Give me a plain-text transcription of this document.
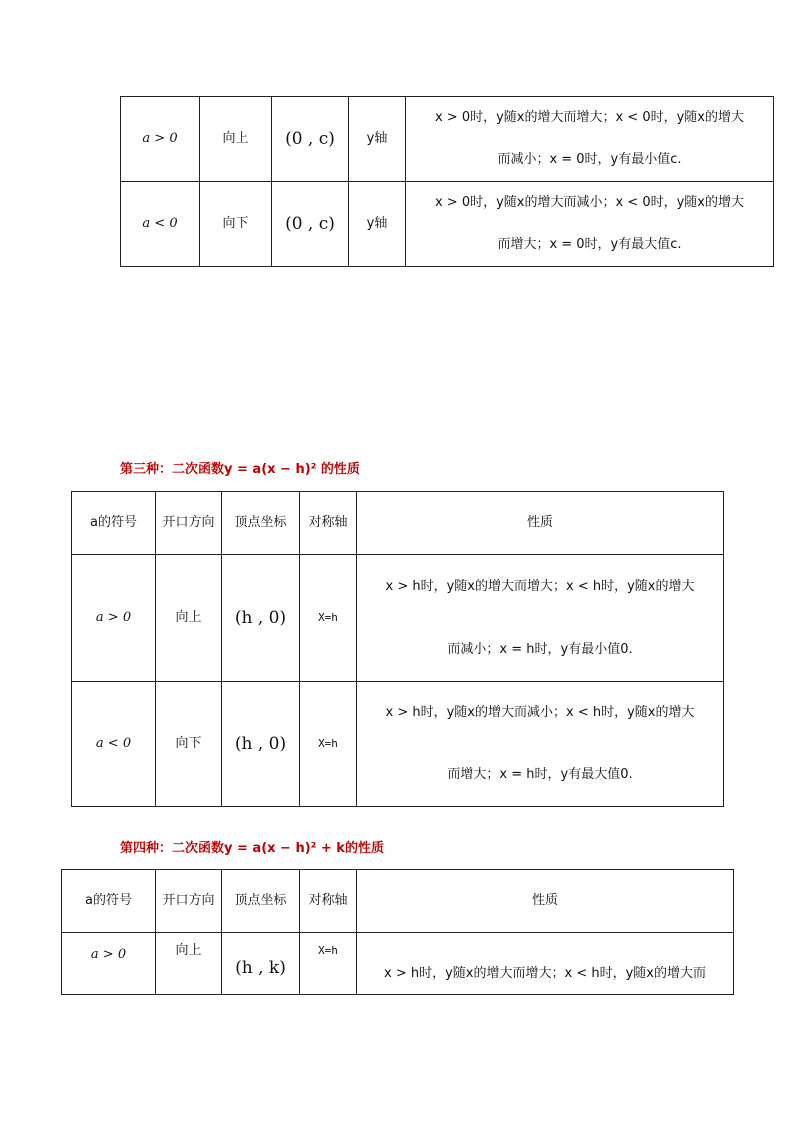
a > 0	向上	(0 , c)	y轴	x > 0时，y随x的增大而增大；x < 0时，y随x的增大
而减小；x = 0时，y有最小值c.

a < 0	向下	(0 , c)	y轴	x > 0时，y随x的增大而减小；x < 0时，y随x的增大
而增大；x = 0时，y有最大值c.
第三种：二次函数y = a(x − h)² 的性质
a的符号	开口方向	顶点坐标	对称轴	性质
a > 0	向上	(h , 0)	X=h	x > h时，y随x的增大而增大；x < h时，y随x的增大
而减小；x = h时，y有最小值0.

a < 0	向下	(h , 0)	X=h	x > h时，y随x的增大而减小；x < h时，y随x的增大
而增大；x = h时，y有最大值0.
第四种：二次函数y = a(x − h)² + k的性质
a的符号	开口方向	顶点坐标	对称轴	性质
a > 0	向上	(h , k)	X=h	x > h时，y随x的增大而增大；x < h时，y随x的增大而
